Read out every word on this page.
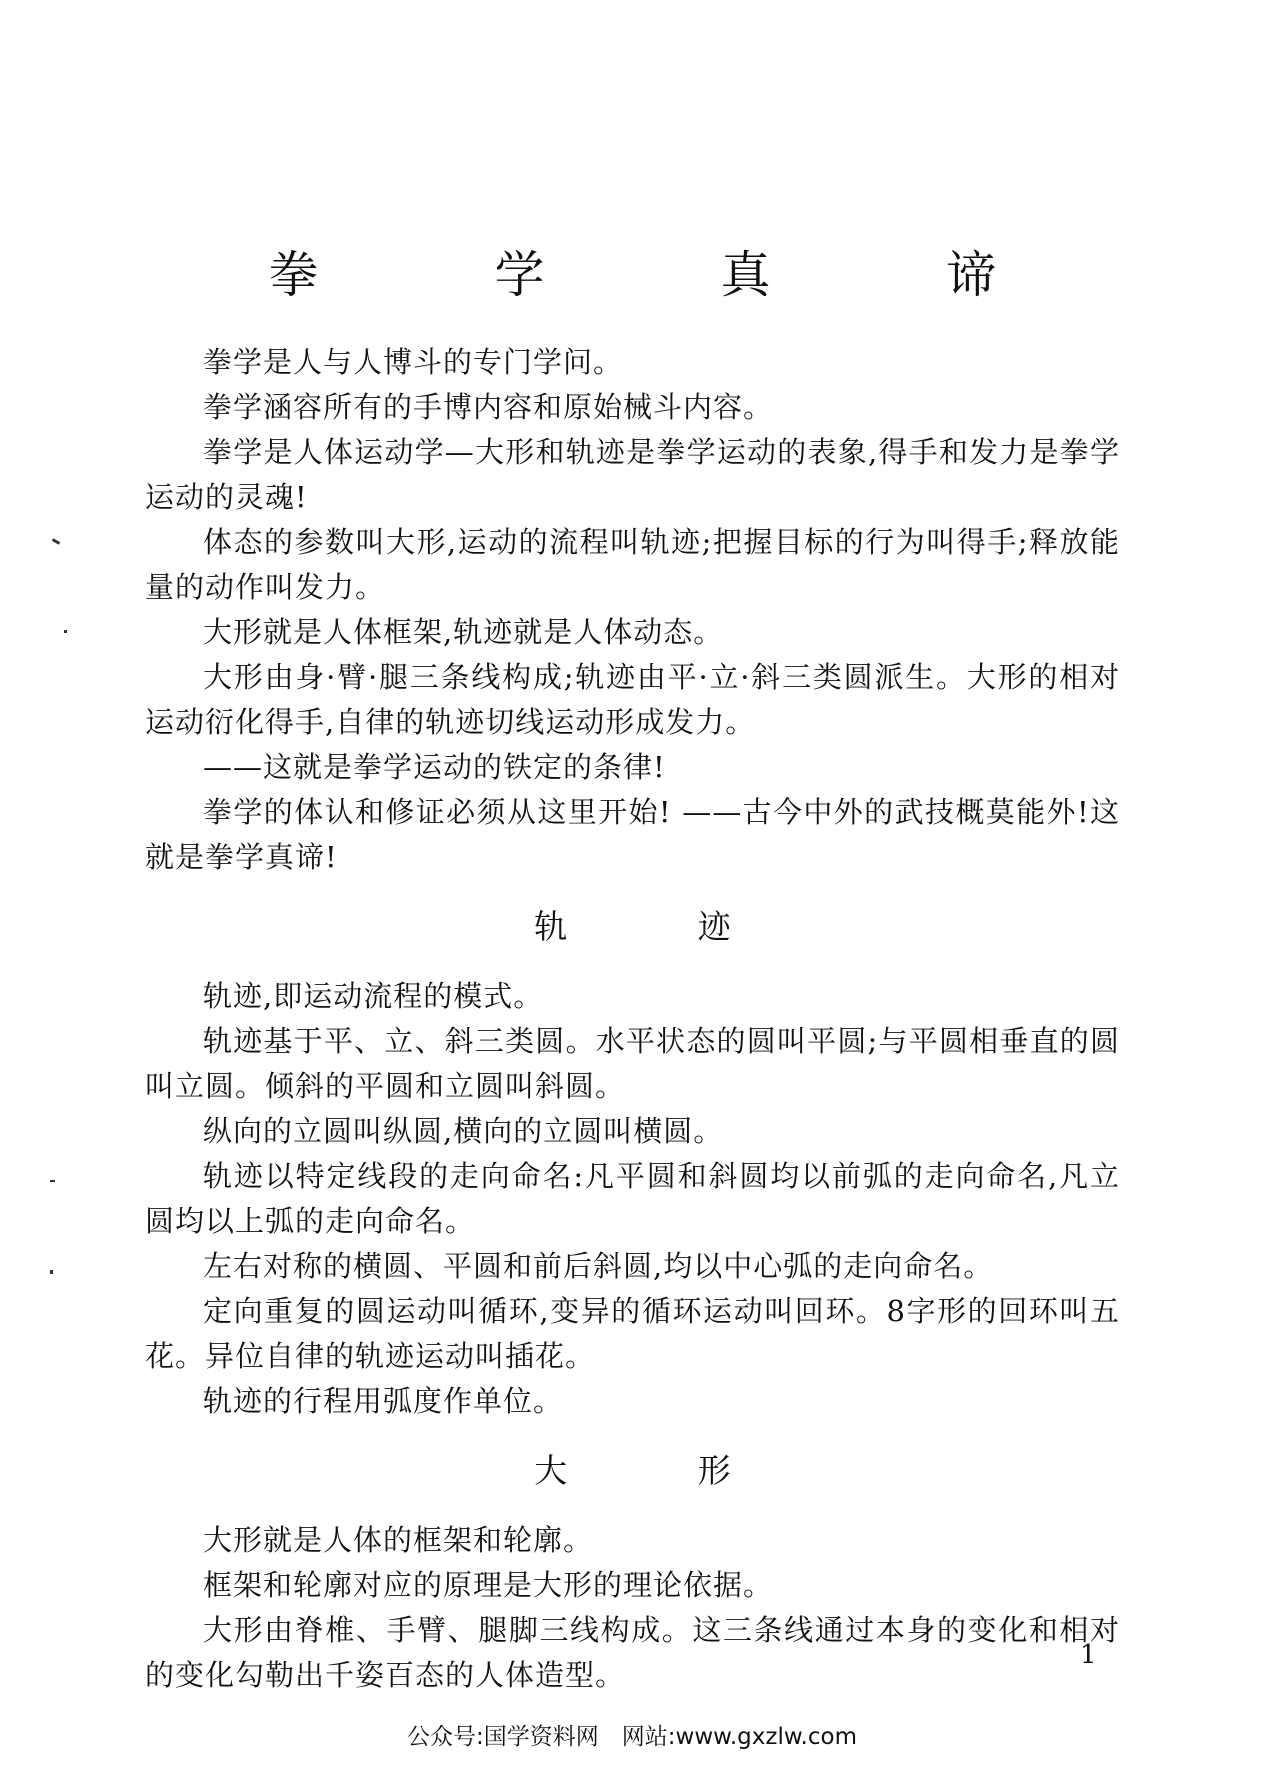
拳 学 真 谛

拳学是人与人博斗的专门学问。

拳学涵容所有的手博内容和原始械斗内容。

拳学是人体运动学—大形和轨迹是拳学运动的表象,得手和发力是拳学运动的灵魂!

体态的参数叫大形,运动的流程叫轨迹;把握目标的行为叫得手;释放能量的动作叫发力。

大形就是人体框架,轨迹就是人体动态。

大形由身·臂·腿三条线构成;轨迹由平·立·斜三类圆派生。大形的相对运动衍化得手,自律的轨迹切线运动形成发力。

——这就是拳学运动的铁定的条律!

拳学的体认和修证必须从这里开始! ——古今中外的武技概莫能外!这就是拳学真谛!

轨 迹

轨迹,即运动流程的模式。

轨迹基于平、立、斜三类圆。水平状态的圆叫平圆;与平圆相垂直的圆叫立圆。倾斜的平圆和立圆叫斜圆。

纵向的立圆叫纵圆,横向的立圆叫横圆。

轨迹以特定线段的走向命名:凡平圆和斜圆均以前弧的走向命名,凡立圆均以上弧的走向命名。

左右对称的横圆、平圆和前后斜圆,均以中心弧的走向命名。

定向重复的圆运动叫循环,变异的循环运动叫回环。8字形的回环叫五花。异位自律的轨迹运动叫插花。

轨迹的行程用弧度作单位。

大 形

大形就是人体的框架和轮廓。

框架和轮廓对应的原理是大形的理论依据。

大形由脊椎、手臂、腿脚三线构成。这三条线通过本身的变化和相对的变化勾勒出千姿百态的人体造型。

1
公众号:国学资料网　网站:www.gxzlw.com
